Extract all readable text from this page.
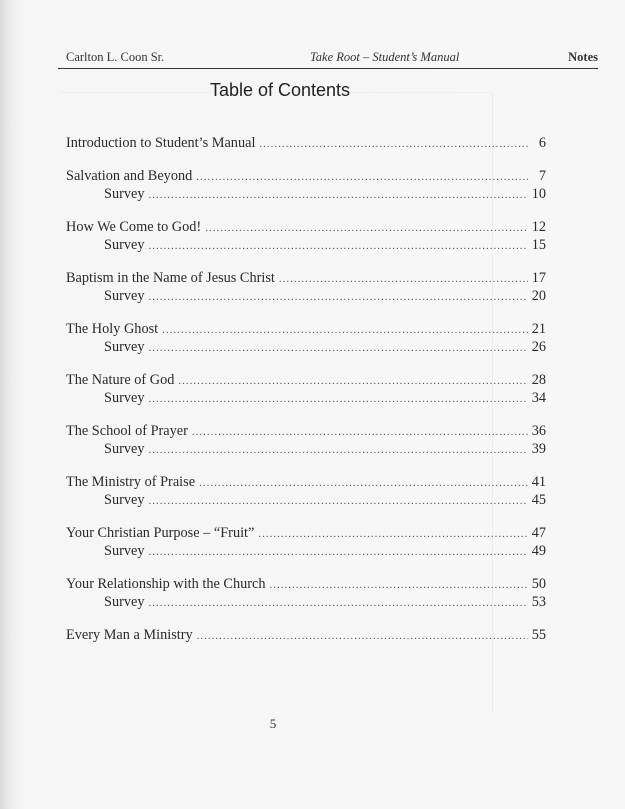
Carlton L. Coon Sr.	Take Root – Student’s Manual	Notes
Table of Contents
Introduction to Student’s Manual .....	6
Salvation and Beyond .....	7
Survey .....	10
How We Come to God! .....	12
Survey .....	15
Baptism in the Name of Jesus Christ .....	17
Survey .....	20
The Holy Ghost .....	21
Survey .....	26
The Nature of God .....	28
Survey .....	34
The School of Prayer .....	36
Survey .....	39
The Ministry of Praise .....	41
Survey .....	45
Your Christian Purpose – “Fruit” .....	47
Survey .....	49
Your Relationship with the Church .....	50
Survey .....	53
Every Man a Ministry .....	55
5
